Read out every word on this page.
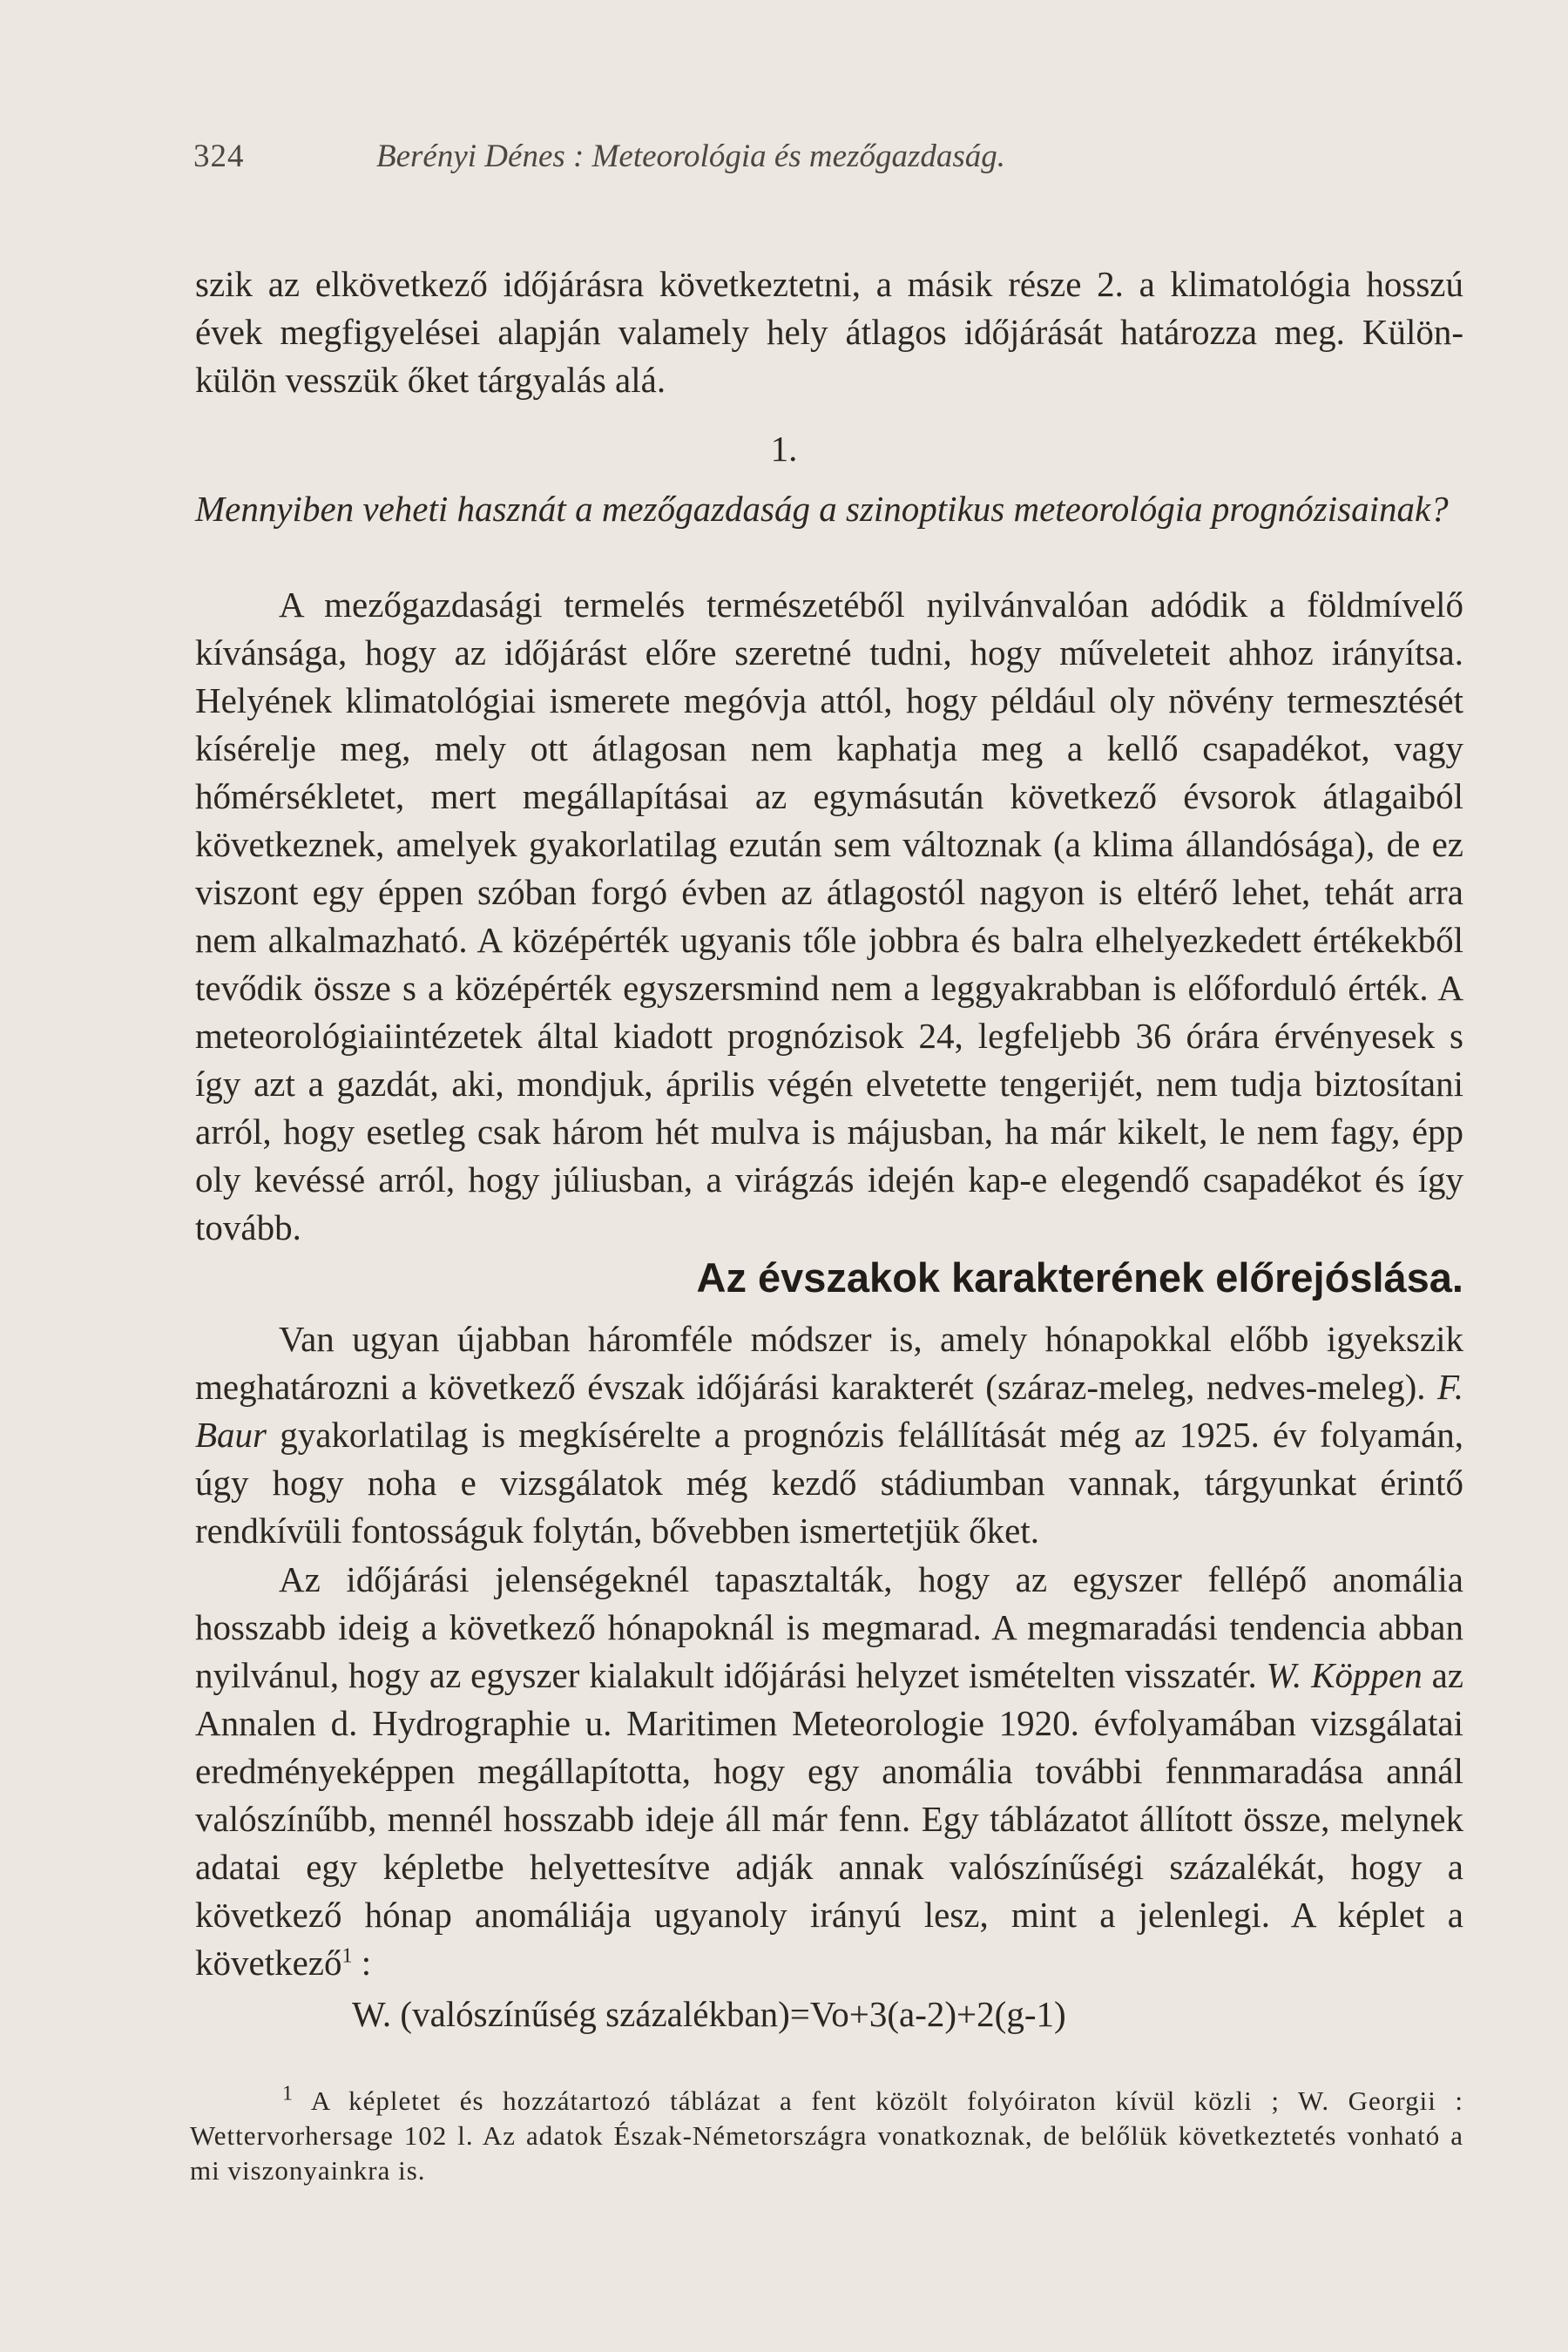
324	Berényi Dénes : Meteorológia és mezőgazdaság.

szik az elkövetkező időjárásra következtetni, a másik része 2. a klimatológia hosszú évek megfigyelései alapján valamely hely átlagos időjárását határozza meg. Külön-külön vesszük őket tárgyalás alá.

1.

Mennyiben veheti hasznát a mezőgazdaság a szinoptikus meteorológia prognózisainak?

A mezőgazdasági termelés természetéből nyilvánvalóan adódik a földmívelő kívánsága, hogy az időjárást előre szeretné tudni, hogy műveleteit ahhoz irányítsa. Helyének klimatológiai ismerete megóvja attól, hogy például oly növény termesztését kísérelje meg, mely ott átlagosan nem kaphatja meg a kellő csapadékot, vagy hőmérsékletet, mert megállapításai az egymásután következő évsorok átlagaiból következnek, amelyek gyakorlatilag ezután sem változnak (a klima állandósága), de ez viszont egy éppen szóban forgó évben az átlagostól nagyon is eltérő lehet, tehát arra nem alkalmazható. A középérték ugyanis tőle jobbra és balra elhelyezkedett értékekből tevődik össze s a középérték egyszersmind nem a leggyakrabban is előforduló érték. A meteorológiaiintézetek által kiadott prognózisok 24, legfeljebb 36 órára érvényesek s így azt a gazdát, aki, mondjuk, április végén elvetette tengerijét, nem tudja biztosítani arról, hogy esetleg csak három hét mulva is májusban, ha már kikelt, le nem fagy, épp oly kevéssé arról, hogy júliusban, a virágzás idején kap-e elegendő csapadékot és így tovább.

Az évszakok karakterének előrejóslása.

Van ugyan újabban háromféle módszer is, amely hónapokkal előbb igyekszik meghatározni a következő évszak időjárási karakterét (száraz-meleg, nedves-meleg). F. Baur gyakorlatilag is megkísérelte a prognózis felállítását még az 1925. év folyamán, úgy hogy noha e vizsgálatok még kezdő stádiumban vannak, tárgyunkat érintő rendkívüli fontosságuk folytán, bővebben ismertetjük őket.

Az időjárási jelenségeknél tapasztalták, hogy az egyszer fellépő anomália hosszabb ideig a következő hónapoknál is megmarad. A megmaradási tendencia abban nyilvánul, hogy az egyszer kialakult időjárási helyzet ismételten visszatér. W. Köppen az Annalen d. Hydrographie u. Maritimen Meteorologie 1920. évfolyamában vizsgálatai eredményeképpen megállapította, hogy egy anomália további fennmaradása annál valószínűbb, mennél hosszabb ideje áll már fenn. Egy táblázatot állított össze, melynek adatai egy képletbe helyettesítve adják annak valószínűségi százalékát, hogy a következő hónap anomáliája ugyanoly irányú lesz, mint a jelenlegi. A képlet a következő$^1$ :

W. (valószínűség százalékban)=Vo+3(a-2)+2(g-1)

$^1$ A képletet és hozzátartozó táblázat a fent közölt folyóiraton kívül közli ; W. Georgii : Wettervorhersage 102 l. Az adatok Észak-Németországra vonatkoznak, de belőlük következtetés vonható a mi viszonyainkra is.
